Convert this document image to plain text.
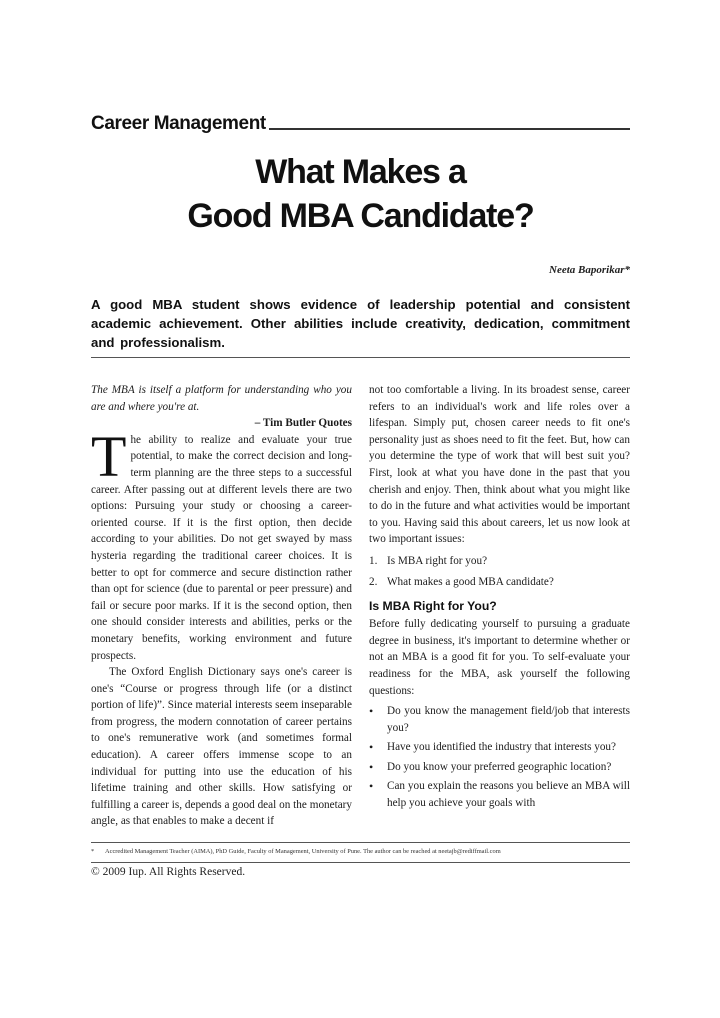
Career Management
What Makes a
Good MBA Candidate?
Neeta Baporikar*
A good MBA student shows evidence of leadership potential and consistent academic achievement. Other abilities include creativity, dedication, commitment and professionalism.

The MBA is itself a platform for understanding who you are and where you're at.

– Tim Butler Quotes

The ability to realize and evaluate your true potential, to make the correct decision and long-term planning are the three steps to a successful career. After passing out at different levels there are two options: Pursuing your study or choosing a career-oriented course. If it is the first option, then decide according to your abilities. Do not get swayed by mass hysteria regarding the traditional career choices. It is better to opt for commerce and secure distinction rather than opt for science (due to parental or peer pressure) and fail or secure poor marks. If it is the second option, then one should consider interests and abilities, perks or the monetary benefits, working environment and future prospects.

The Oxford English Dictionary says one's career is one's “Course or progress through life (or a distinct portion of life)”. Since material interests seem inseparable from progress, the modern connotation of career pertains to one's remunerative work (and sometimes formal education). A career offers immense scope to an individual for putting into use the education of his lifetime training and other skills. How satisfying or fulfilling a career is, depends a good deal on the monetary angle, as that enables to make a decent if

not too comfortable a living. In its broadest sense, career refers to an individual's work and life roles over a lifespan. Simply put, chosen career needs to fit one's personality just as shoes need to fit the feet. But, how can you determine the type of work that will best suit you? First, look at what you have done in the past that you cherish and enjoy. Then, think about what you might like to do in the future and what activities would be important to you. Having said this about careers, let us now look at two important issues:

1. Is MBA right for you?
2. What makes a good MBA candidate?
Is MBA Right for You?

Before fully dedicating yourself to pursuing a graduate degree in business, it's important to determine whether or not an MBA is a good fit for you. To self-evaluate your readiness for the MBA, ask yourself the following questions:

•	Do you know the management field/job that interests you?
•	Have you identified the industry that interests you?
•	Do you know your preferred geographic location?
•	Can you explain the reasons you believe an MBA will help you achieve your goals with
* Accredited Management Teacher (AIMA), PhD Guide, Faculty of Management, University of Pune. The author can be reached at neetajb@rediffmail.com
© 2009 Iup. All Rights Reserved.
